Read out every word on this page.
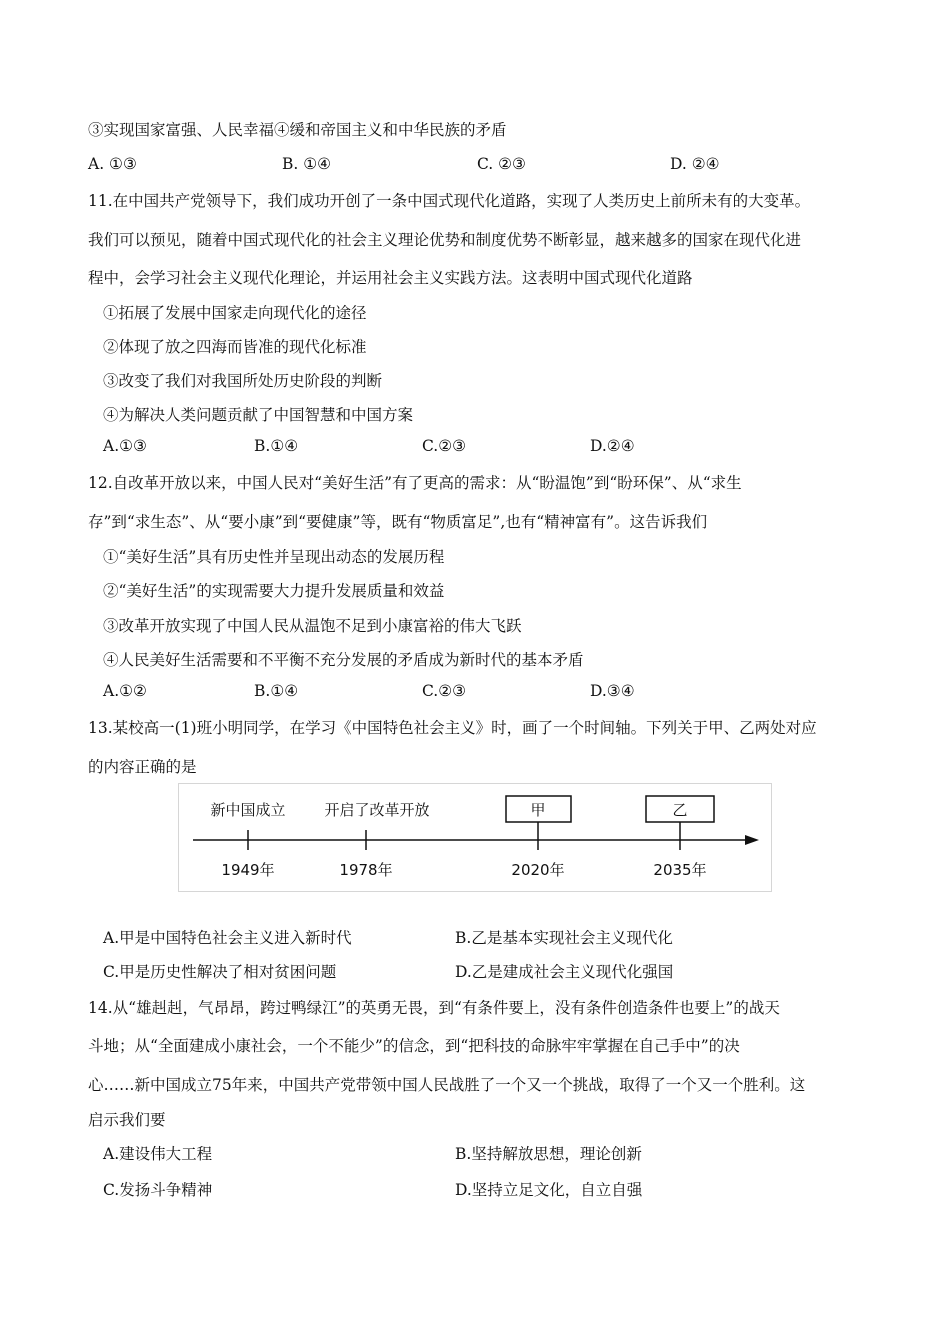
③实现国家富强、人民幸福④缓和帝国主义和中华民族的矛盾
A. ①③	B. ①④	C. ②③	D. ②④
11.在中国共产党领导下，我们成功开创了一条中国式现代化道路，实现了人类历史上前所未有的大变革。
我们可以预见，随着中国式现代化的社会主义理论优势和制度优势不断彰显，越来越多的国家在现代化进
程中，会学习社会主义现代化理论，并运用社会主义实践方法。这表明中国式现代化道路
①拓展了发展中国家走向现代化的途径
②体现了放之四海而皆准的现代化标准
③改变了我们对我国所处历史阶段的判断
④为解决人类问题贡献了中国智慧和中国方案
A.①③	B.①④	C.②③	D.②④
12.自改革开放以来，中国人民对“美好生活”有了更高的需求：从“盼温饱”到“盼环保”、从“求生
存”到“求生态”、从“要小康”到“要健康”等，既有“物质富足”,也有“精神富有”。这告诉我们
①“美好生活”具有历史性并呈现出动态的发展历程
②“美好生活”的实现需要大力提升发展质量和效益
③改革开放实现了中国人民从温饱不足到小康富裕的伟大飞跃
④人民美好生活需要和不平衡不充分发展的矛盾成为新时代的基本矛盾
A.①②	B.①④	C.②③	D.③④
13.某校高一(1)班小明同学，在学习《中国特色社会主义》时，画了一个时间轴。下列关于甲、乙两处对应
的内容正确的是
新中国成立
1949年
开启了改革开放
1978年
甲
2020年
乙
2035年
A.甲是中国特色社会主义进入新时代	B.乙是基本实现社会主义现代化
C.甲是历史性解决了相对贫困问题	D.乙是建成社会主义现代化强国
14.从“雄赳赳，气昂昂，跨过鸭绿江”的英勇无畏，到“有条件要上，没有条件创造条件也要上”的战天
斗地；从“全面建成小康社会，一个不能少”的信念，到“把科技的命脉牢牢掌握在自己手中”的决
心……新中国成立75年来，中国共产党带领中国人民战胜了一个又一个挑战，取得了一个又一个胜利。这
启示我们要
A.建设伟大工程	B.坚持解放思想，理论创新
C.发扬斗争精神	D.坚持立足文化，自立自强
